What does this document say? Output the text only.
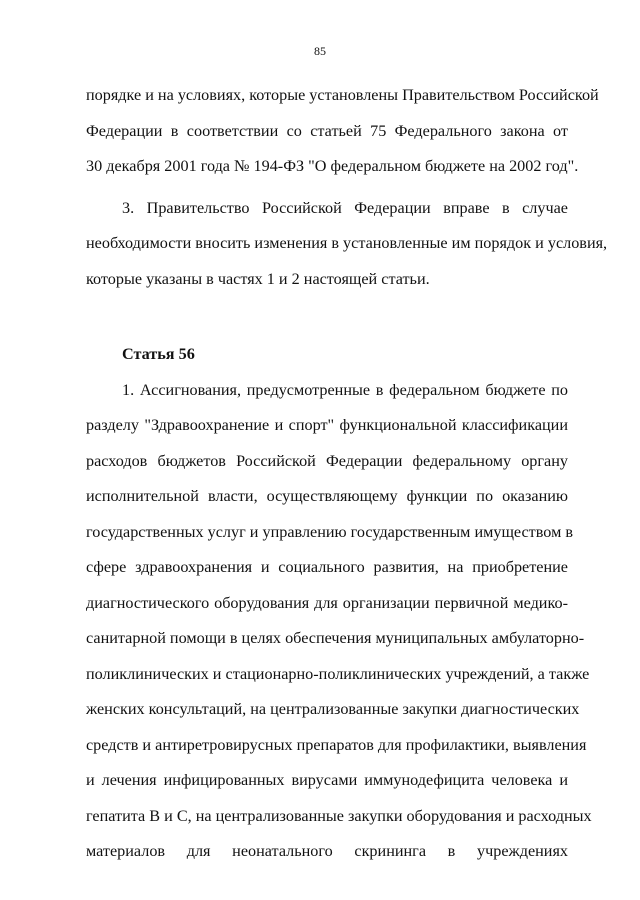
85
порядке и на условиях, которые установлены Правительством Российской
Федерации в соответствии со статьей 75 Федерального закона от
30 декабря 2001 года № 194-ФЗ "О федеральном бюджете на 2002 год".
3. Правительство Российской Федерации вправе в случае
необходимости вносить изменения в установленные им порядок и условия,
которые указаны в частях 1 и 2 настоящей статьи.
Статья 56
1. Ассигнования, предусмотренные в федеральном бюджете по
разделу "Здравоохранение и спорт" функциональной классификации
расходов бюджетов Российской Федерации федеральному органу
исполнительной власти, осуществляющему функции по оказанию
государственных услуг и управлению государственным имуществом в
сфере здравоохранения и социального развития, на приобретение
диагностического оборудования для организации первичной медико-
санитарной помощи в целях обеспечения муниципальных амбулаторно-
поликлинических и стационарно-поликлинических учреждений, а также
женских консультаций, на централизованные закупки диагностических
средств и антиретровирусных препаратов для профилактики, выявления
и лечения инфицированных вирусами иммунодефицита человека и
гепатита В и С, на централизованные закупки оборудования и расходных
материалов для неонатального скрининга в учреждениях
